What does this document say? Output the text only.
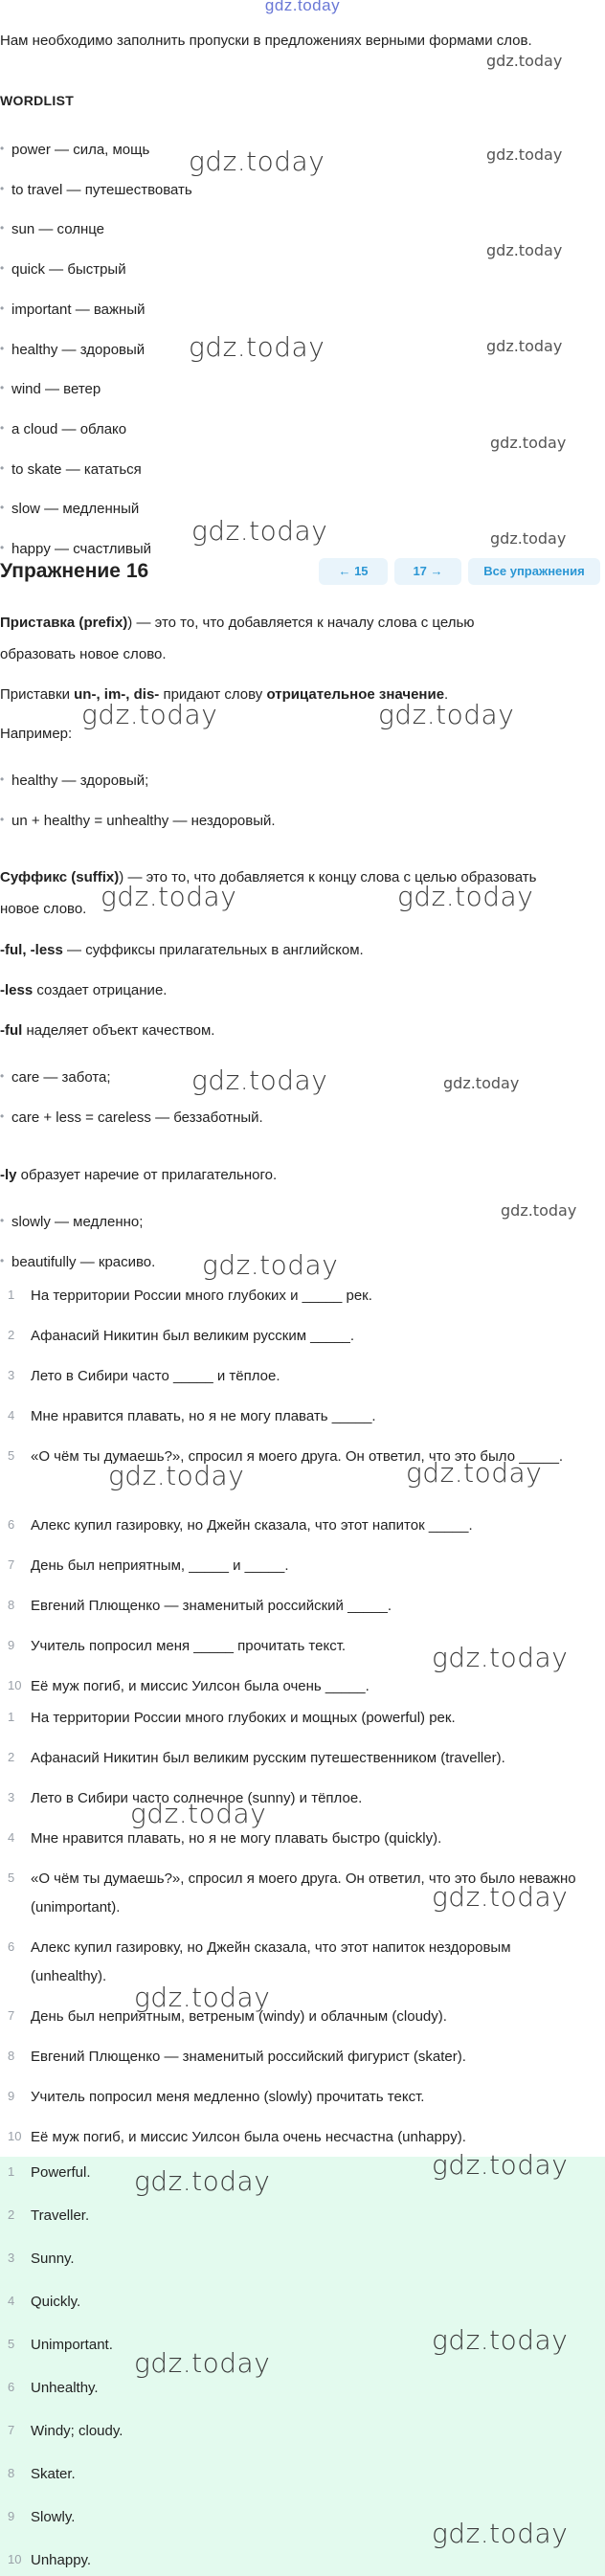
gdz.today
Нам необходимо заполнить пропуски в предложениях верными формами слов.
WORDLIST
• power — сила, мощь
• to travel — путешествовать
• sun — солнце
• quick — быстрый
• important — важный
• healthy — здоровый
• wind — ветер
• a cloud — облако
• to skate — кататься
• slow — медленный
• happy — счастливый
Упражнение 16	← 15	17 →	Все упражнения
Приставка (prefix)) — это то, что добавляется к началу слова с целью образовать новое слово.
Приставки un-, im-, dis- придают слову отрицательное значение.
Например:
• healthy — здоровый;
• un + healthy = unhealthy — нездоровый.
Суффикс (suffix)) — это то, что добавляется к концу слова с целью образовать новое слово.
-ful, -less — суффиксы прилагательных в английском.
-less создает отрицание.
-ful наделяет объект качеством.
• care — забота;
• care + less = careless — беззаботный.
-ly образует наречие от прилагательного.
• slowly — медленно;
• beautifully — красиво.
1 На территории России много глубоких и _____ рек.
2 Афанасий Никитин был великим русским _____.
3 Лето в Сибири часто _____ и тёплое.
4 Мне нравится плавать, но я не могу плавать _____.
5 «О чём ты думаешь?», спросил я моего друга. Он ответил, что это было _____.
6 Алекс купил газировку, но Джейн сказала, что этот напиток _____.
7 День был неприятным, _____ и _____.
8 Евгений Плющенко — знаменитый российский _____.
9 Учитель попросил меня _____ прочитать текст.
10 Её муж погиб, и миссис Уилсон была очень _____.
1 На территории России много глубоких и мощных (powerful) рек.
2 Афанасий Никитин был великим русским путешественником (traveller).
3 Лето в Сибири часто солнечное (sunny) и тёплое.
4 Мне нравится плавать, но я не могу плавать быстро (quickly).
5 «О чём ты думаешь?», спросил я моего друга. Он ответил, что это было неважно (unimportant).
6 Алекс купил газировку, но Джейн сказала, что этот напиток нездоровым (unhealthy).
7 День был неприятным, ветреным (windy) и облачным (cloudy).
8 Евгений Плющенко — знаменитый российский фигурист (skater).
9 Учитель попросил меня медленно (slowly) прочитать текст.
10 Её муж погиб, и миссис Уилсон была очень несчастна (unhappy).
1 Powerful.
2 Traveller.
3 Sunny.
4 Quickly.
5 Unimportant.
6 Unhealthy.
7 Windy; cloudy.
8 Skater.
9 Slowly.
10 Unhappy.
gdz.today
gdz.today	gdz.today
gdz.today
gdz.today	gdz.today
gdz.today
gdz.today	gdz.today
gdz.today	gdz.today
gdz.today	gdz.today
gdz.today	gdz.today
gdz.today
gdz.today
gdz.today	gdz.today
gdz.today
gdz.today
gdz.today
gdz.today
gdz.today
gdz.today
gdz.today
gdz.today
gdz.today
